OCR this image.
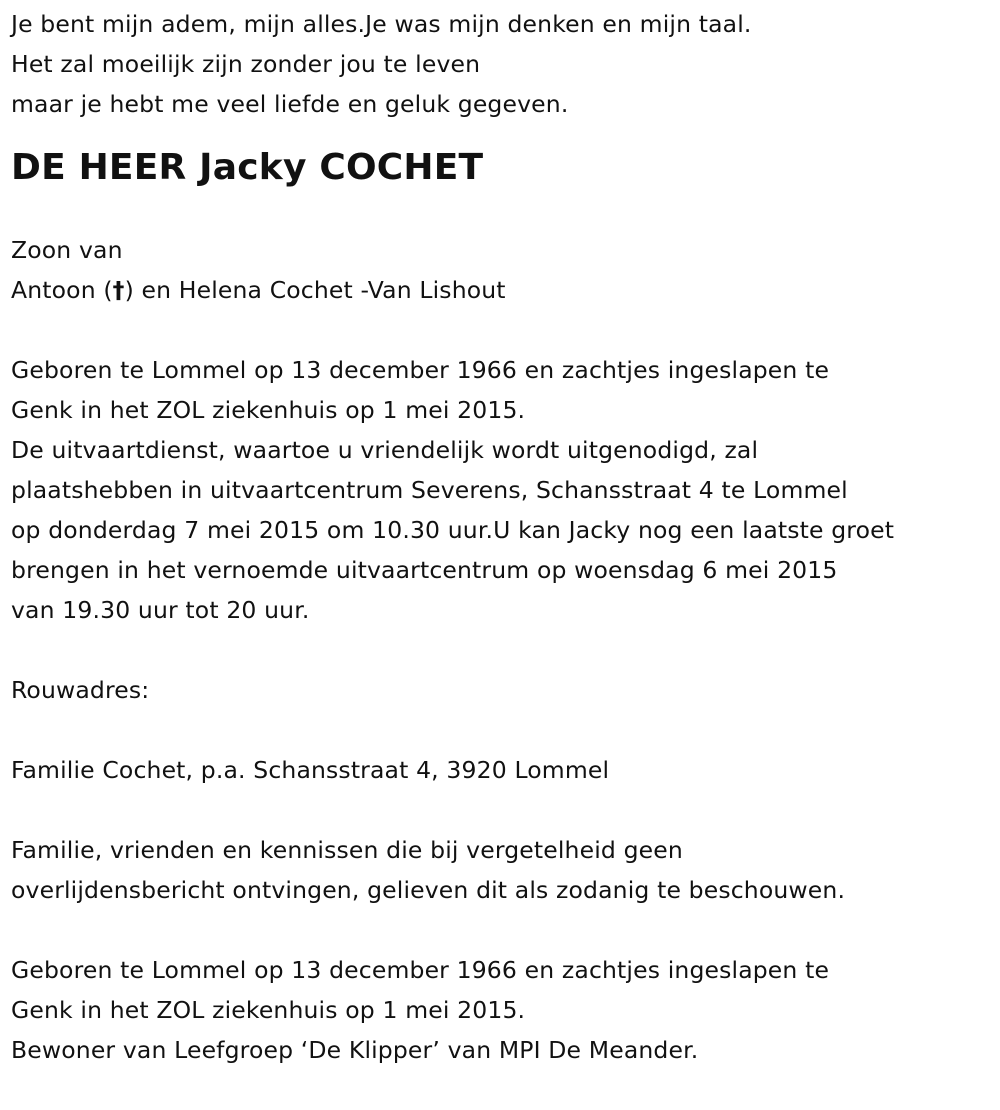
Je bent mijn adem, mijn alles.Je was mijn denken en mijn taal.
Het zal moeilijk zijn zonder jou te leven
maar je hebt me veel liefde en geluk gegeven.
DE HEER Jacky COCHET
Zoon van
Antoon (†) en Helena Cochet -Van Lishout
Geboren te Lommel op 13 december 1966 en zachtjes ingeslapen te
Genk in het ZOL ziekenhuis op 1 mei 2015.
De uitvaartdienst, waartoe u vriendelijk wordt uitgenodigd, zal
plaatshebben in uitvaartcentrum Severens, Schansstraat 4 te Lommel
op donderdag 7 mei 2015 om 10.30 uur.U kan Jacky nog een laatste groet
brengen in het vernoemde uitvaartcentrum op woensdag 6 mei 2015
van 19.30 uur tot 20 uur.
Rouwadres:
Familie Cochet, p.a. Schansstraat 4, 3920 Lommel
Familie, vrienden en kennissen die bij vergetelheid geen
overlijdensbericht ontvingen, gelieven dit als zodanig te beschouwen.
Geboren te Lommel op 13 december 1966 en zachtjes ingeslapen te
Genk in het ZOL ziekenhuis op 1 mei 2015.
Bewoner van Leefgroep ‘De Klipper’ van MPI De Meander.
